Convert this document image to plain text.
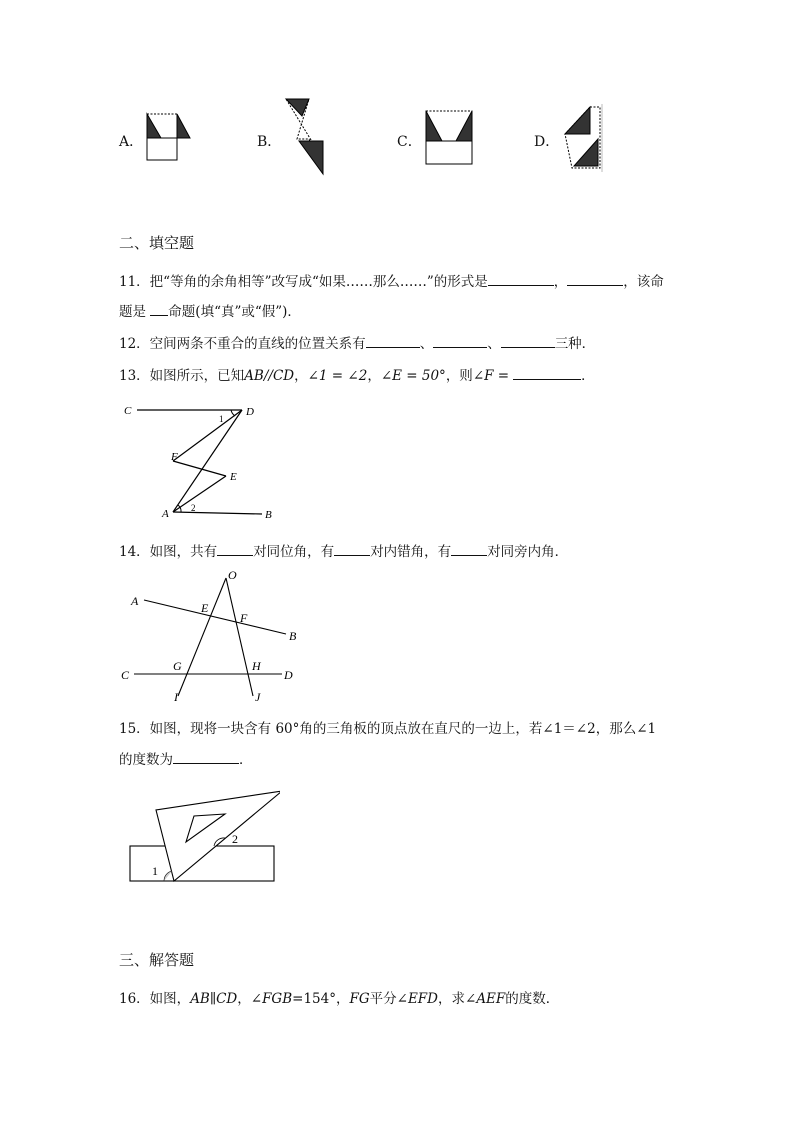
A．	B．	C．	D．
二、填空题
11．把“等角的余角相等”改写成“如果……那么……”的形式是	，	，该命
题是 命题(填“真”或“假”)．
12．空间两条不重合的直线的位置关系有	、	、	三种．
13．如图所示，已知AB//CD，∠1 = ∠2，∠E = 50°，则∠F =	．
C	D
1
F
E
A 2
B
14．如图，共有	对同位角，有	对内错角，有	对同旁内角．
O
A	E
F
B
C
G	H
D
I	J
15．如图，现将一块含有 60°角的三角板的顶点放在直尺的一边上，若∠1＝∠2，那么∠1
的度数为	．
1
2
三、解答题
16．如图，AB∥CD，∠FGB=154°，FG平分∠EFD，求∠AEF的度数．
